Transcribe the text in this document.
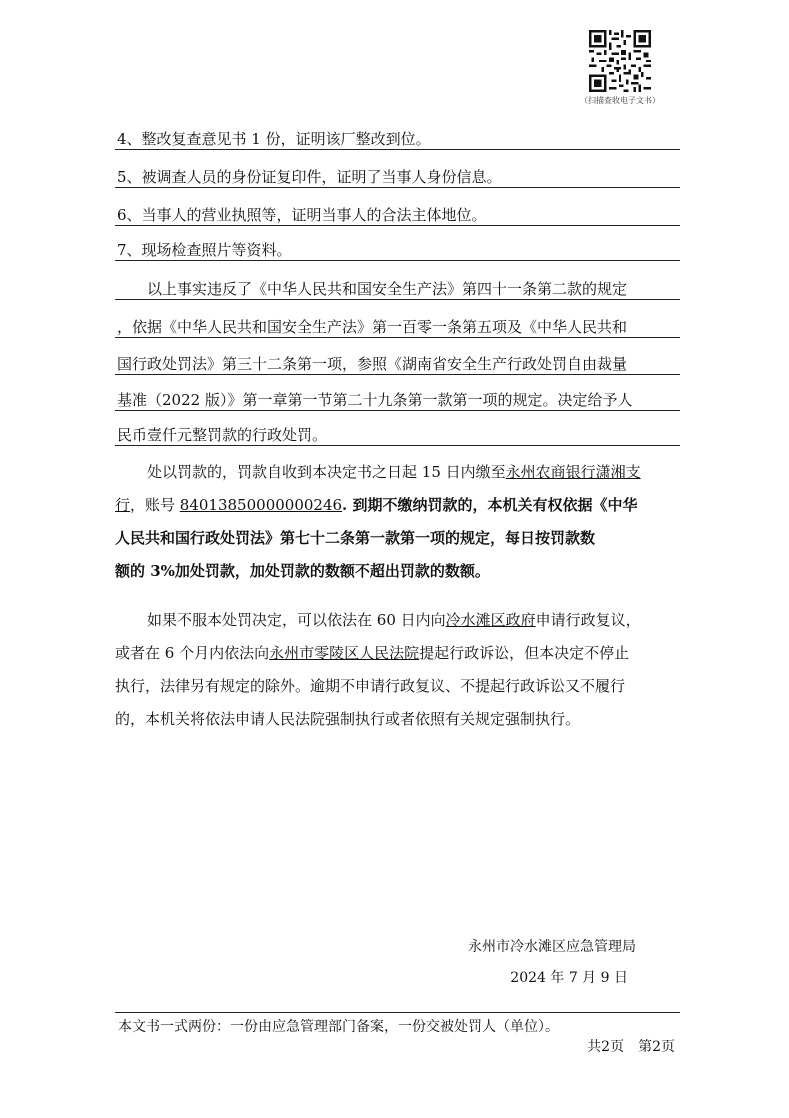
（扫描查收电子文书）
4、整改复查意见书 1 份，证明该厂整改到位。
5、被调查人员的身份证复印件，证明了当事人身份信息。
6、当事人的营业执照等，证明当事人的合法主体地位。
7、现场检查照片等资料。
以上事实违反了《中华人民共和国安全生产法》第四十一条第二款的规定
，依据《中华人民共和国安全生产法》第一百零一条第五项及《中华人民共和
国行政处罚法》第三十二条第一项，参照《湖南省安全生产行政处罚自由裁量
基准（2022 版）》第一章第一节第二十九条第一款第一项的规定。决定给予人
民币壹仟元整罚款的行政处罚。
处以罚款的，罚款自收到本决定书之日起 15 日内缴至永州农商银行潇湘支
行，账号 84013850000000246. 到期不缴纳罚款的，本机关有权依据《中华
人民共和国行政处罚法》第七十二条第一款第一项的规定，每日按罚款数
额的 3%加处罚款，加处罚款的数额不超出罚款的数额。
如果不服本处罚决定，可以依法在 60 日内向冷水滩区政府申请行政复议，
或者在 6 个月内依法向永州市零陵区人民法院提起行政诉讼，但本决定不停止
执行，法律另有规定的除外。逾期不申请行政复议、不提起行政诉讼又不履行
的，本机关将依法申请人民法院强制执行或者依照有关规定强制执行。
永州市冷水滩区应急管理局
2024 年 7 月 9 日
本文书一式两份：一份由应急管理部门备案，一份交被处罚人（单位）。
共2页　第2页
